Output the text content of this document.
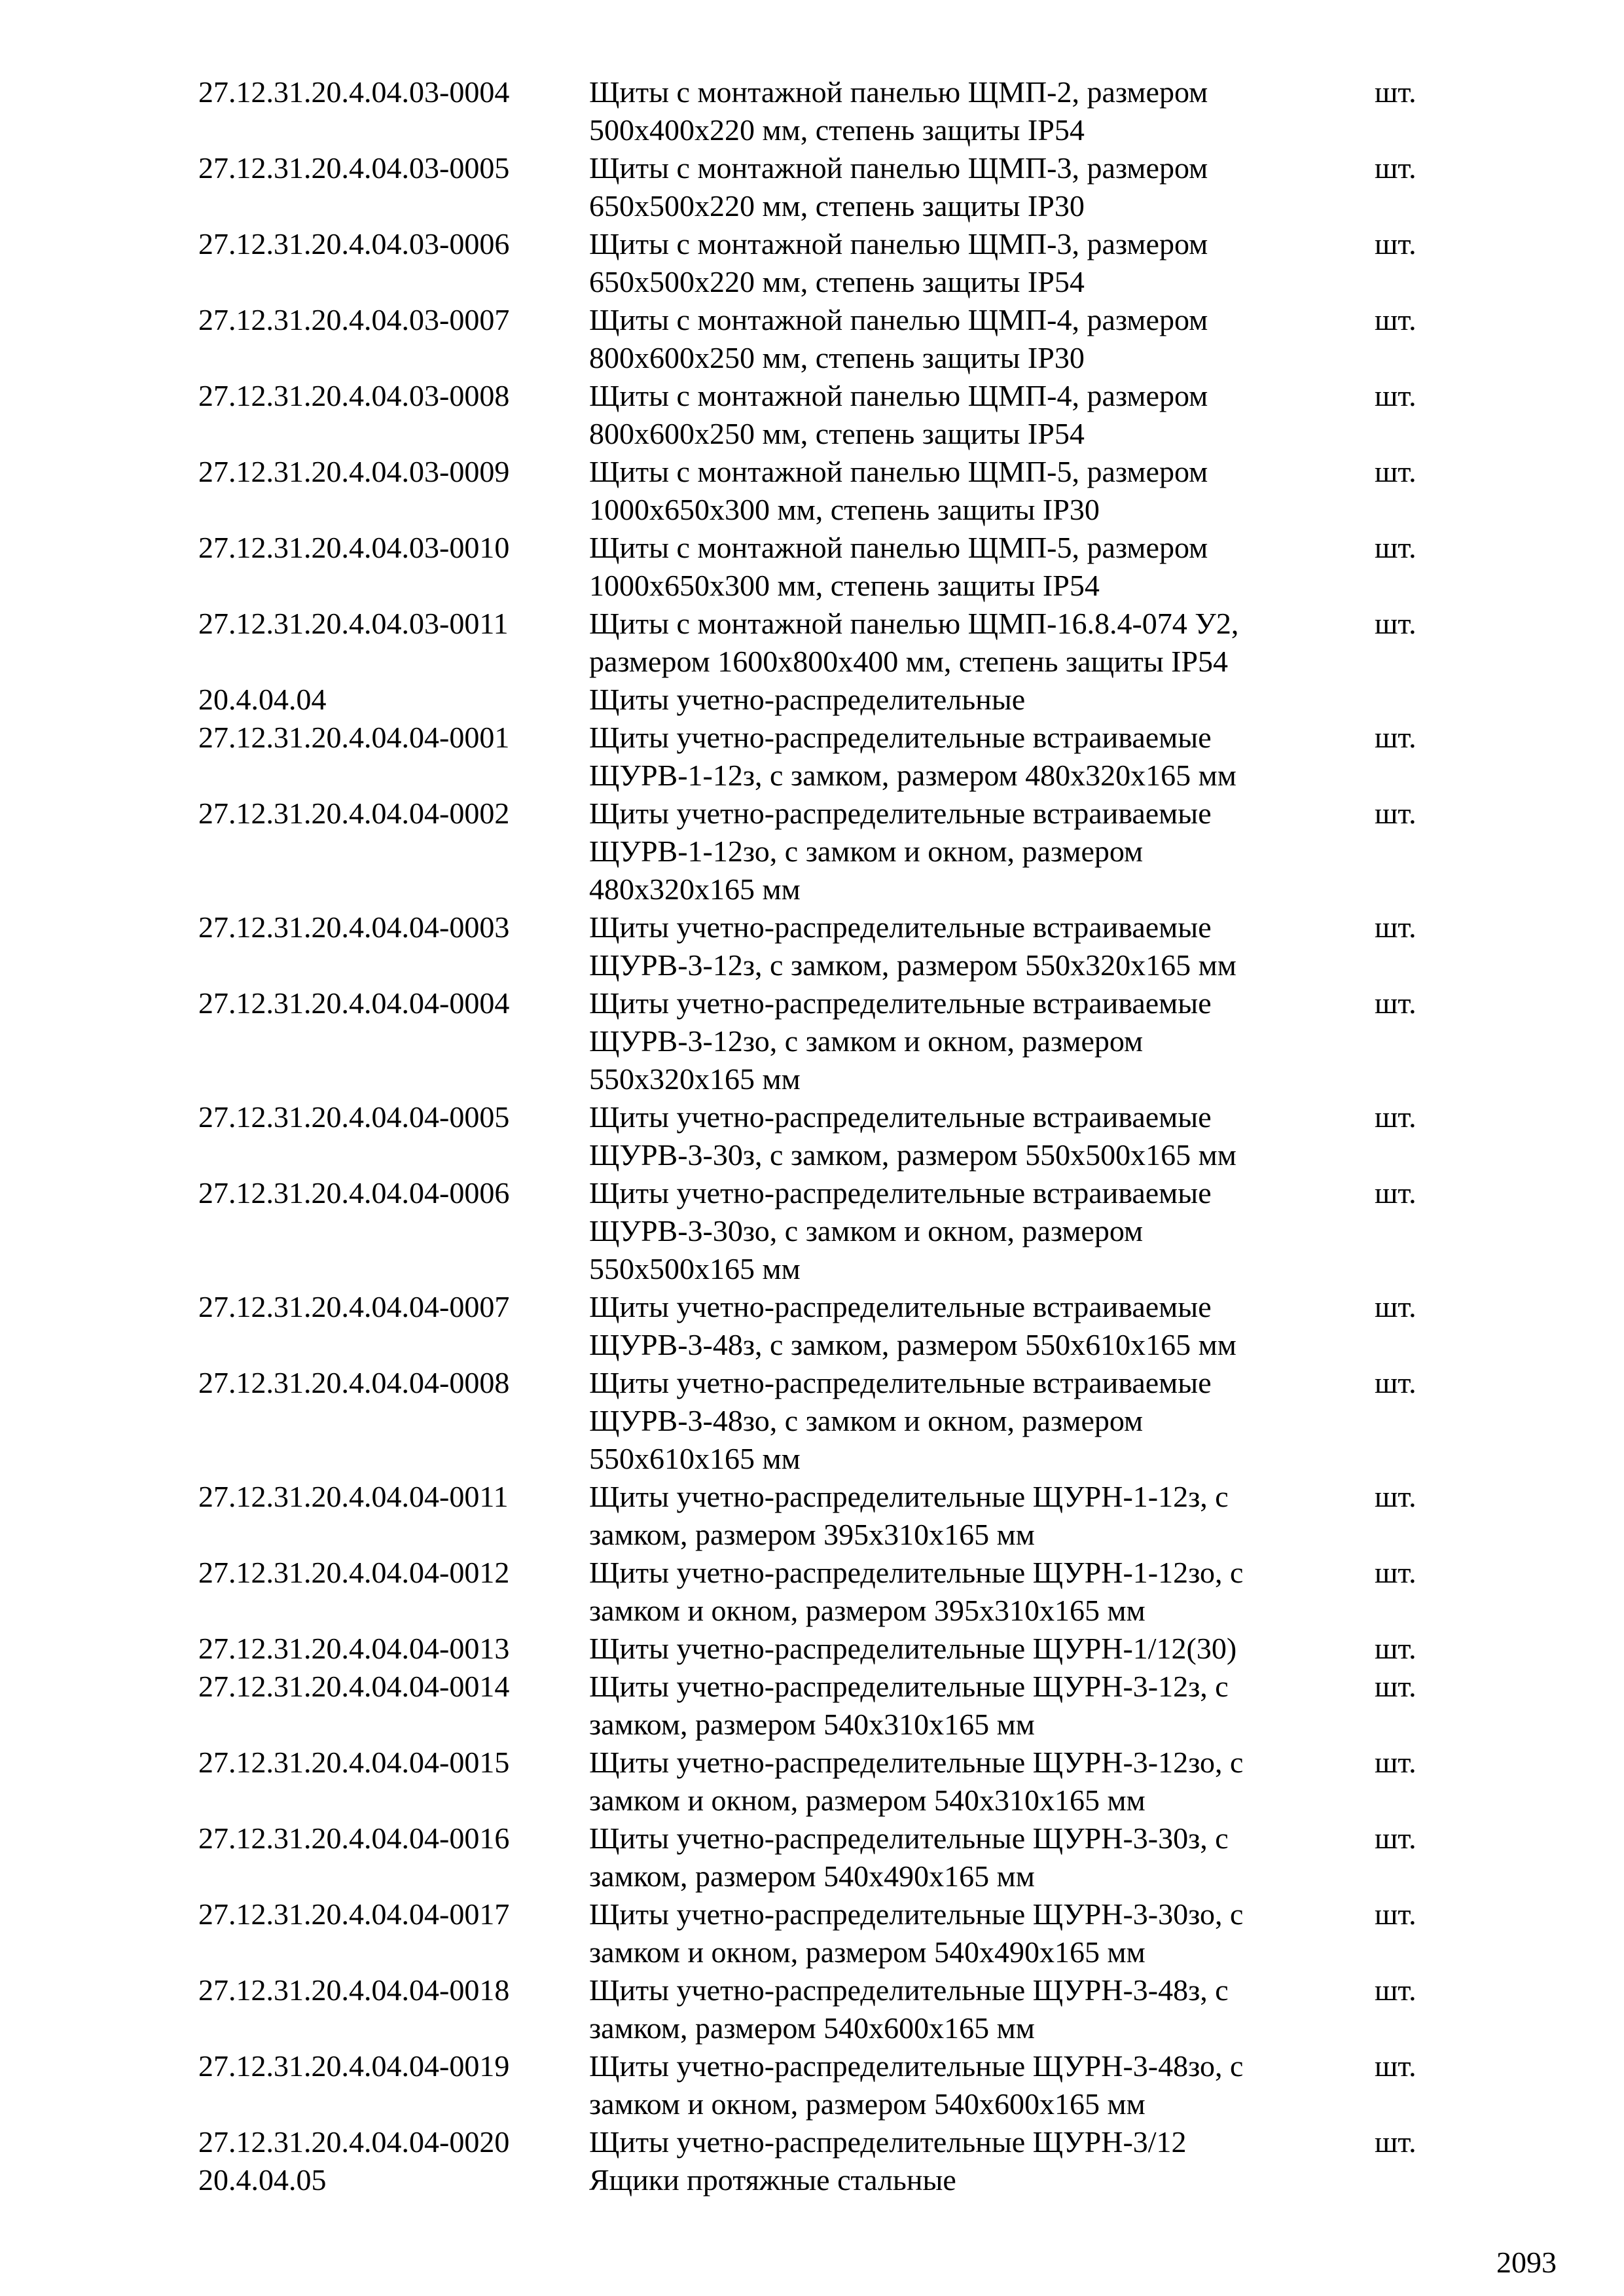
27.12.31.20.4.04.03-0004	Щиты с монтажной панелью ЩМП-2, размером
500x400x220 мм, степень защиты IP54
шт.
27.12.31.20.4.04.03-0005	Щиты с монтажной панелью ЩМП-3, размером
650x500x220 мм, степень защиты IP30
шт.
27.12.31.20.4.04.03-0006	Щиты с монтажной панелью ЩМП-3, размером
650x500x220 мм, степень защиты IP54
шт.
27.12.31.20.4.04.03-0007	Щиты с монтажной панелью ЩМП-4, размером
800x600x250 мм, степень защиты IP30
шт.
27.12.31.20.4.04.03-0008	Щиты с монтажной панелью ЩМП-4, размером
800x600x250 мм, степень защиты IP54
шт.
27.12.31.20.4.04.03-0009	Щиты с монтажной панелью ЩМП-5, размером
1000x650x300 мм, степень защиты IP30
шт.
27.12.31.20.4.04.03-0010	Щиты с монтажной панелью ЩМП-5, размером
1000x650x300 мм, степень защиты IP54
шт.
27.12.31.20.4.04.03-0011	Щиты с монтажной панелью ЩМП-16.8.4-074 У2,
размером 1600x800x400 мм, степень защиты IP54
шт.
20.4.04.04	Щиты учетно-распределительные
27.12.31.20.4.04.04-0001	Щиты учетно-распределительные встраиваемые
ЩУРВ-1-12з, с замком, размером 480x320x165 мм
шт.
27.12.31.20.4.04.04-0002	Щиты учетно-распределительные встраиваемые
ЩУРВ-1-12зо, с замком и окном, размером
480x320x165 мм
шт.
27.12.31.20.4.04.04-0003	Щиты учетно-распределительные встраиваемые
ЩУРВ-3-12з, с замком, размером 550x320x165 мм
шт.
27.12.31.20.4.04.04-0004	Щиты учетно-распределительные встраиваемые
ЩУРВ-3-12зо, с замком и окном, размером
550x320x165 мм
шт.
27.12.31.20.4.04.04-0005	Щиты учетно-распределительные встраиваемые
ЩУРВ-3-30з, с замком, размером 550x500x165 мм
шт.
27.12.31.20.4.04.04-0006	Щиты учетно-распределительные встраиваемые
ЩУРВ-3-30зо, с замком и окном, размером
550x500x165 мм
шт.
27.12.31.20.4.04.04-0007	Щиты учетно-распределительные встраиваемые
ЩУРВ-3-48з, с замком, размером 550x610x165 мм
шт.
27.12.31.20.4.04.04-0008	Щиты учетно-распределительные встраиваемые
ЩУРВ-3-48зо, с замком и окном, размером
550x610x165 мм
шт.
27.12.31.20.4.04.04-0011	Щиты учетно-распределительные ЩУРН-1-12з, с
замком, размером 395x310x165 мм
шт.
27.12.31.20.4.04.04-0012	Щиты учетно-распределительные ЩУРН-1-12зо, с
замком и окном, размером 395x310x165 мм
шт.
27.12.31.20.4.04.04-0013	Щиты учетно-распределительные ЩУРН-1/12(30)	шт.
27.12.31.20.4.04.04-0014	Щиты учетно-распределительные ЩУРН-3-12з, с
замком, размером 540x310x165 мм
шт.
27.12.31.20.4.04.04-0015	Щиты учетно-распределительные ЩУРН-3-12зо, с
замком и окном, размером 540x310x165 мм
шт.
27.12.31.20.4.04.04-0016	Щиты учетно-распределительные ЩУРН-3-30з, с
замком, размером 540x490x165 мм
шт.
27.12.31.20.4.04.04-0017	Щиты учетно-распределительные ЩУРН-3-30зо, с
замком и окном, размером 540x490x165 мм
шт.
27.12.31.20.4.04.04-0018	Щиты учетно-распределительные ЩУРН-3-48з, с
замком, размером 540x600x165 мм
шт.
27.12.31.20.4.04.04-0019	Щиты учетно-распределительные ЩУРН-3-48зо, с
замком и окном, размером 540x600x165 мм
шт.
27.12.31.20.4.04.04-0020	Щиты учетно-распределительные ЩУРН-3/12	шт.
20.4.04.05	Ящики протяжные стальные
2093
